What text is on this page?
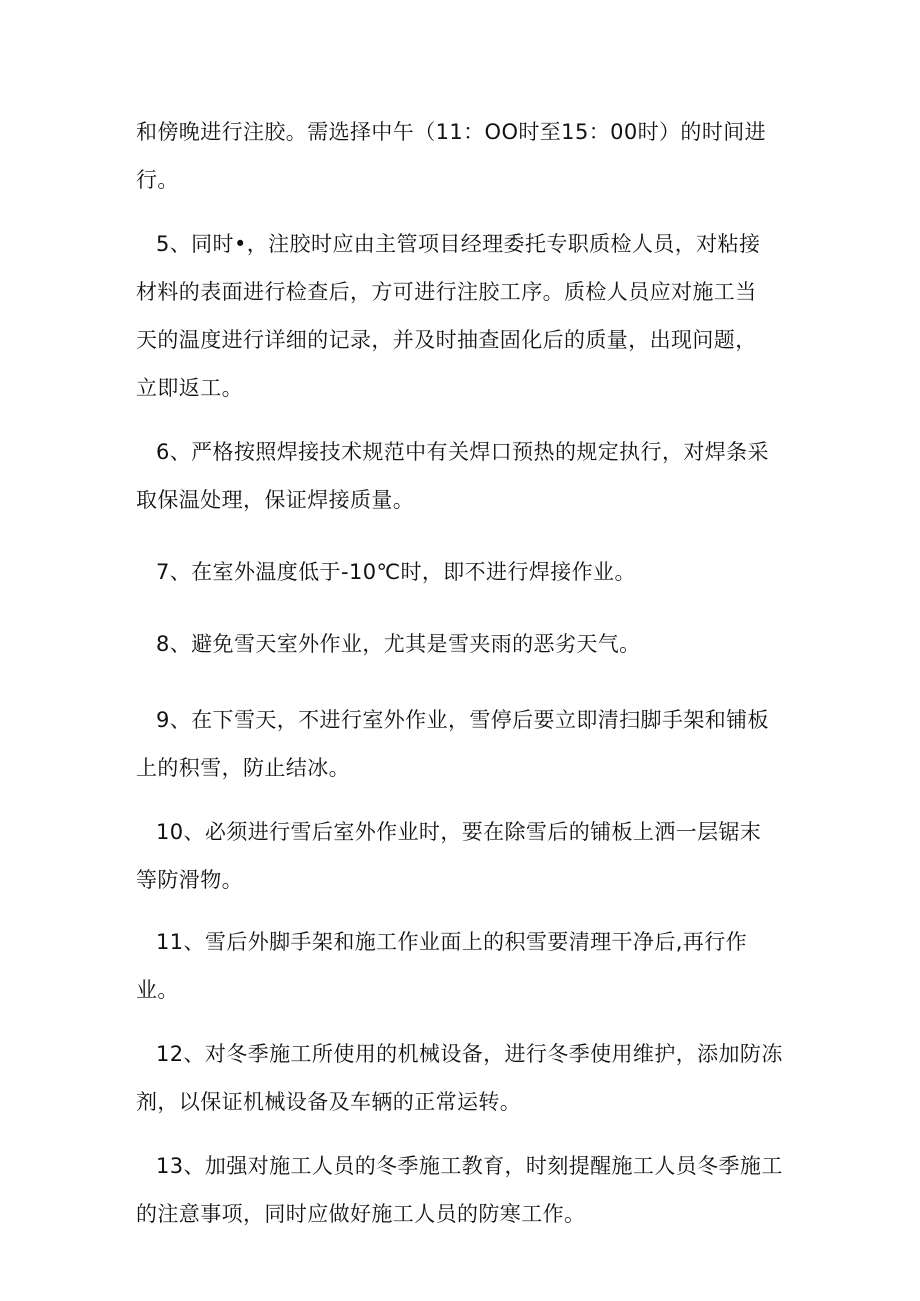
和傍晚进行注胶。需选择中午（11：OO时至15：00时）的时间进
行。
5、同时•，注胶时应由主管项目经理委托专职质检人员，对粘接
材料的表面进行检查后，方可进行注胶工序。质检人员应对施工当
天的温度进行详细的记录，并及时抽查固化后的质量，出现问题，
立即返工。
6、严格按照焊接技术规范中有关焊口预热的规定执行，对焊条采
取保温处理，保证焊接质量。
7、在室外温度低于-10℃时，即不进行焊接作业。
8、避免雪天室外作业，尤其是雪夹雨的恶劣天气。
9、在下雪天，不进行室外作业，雪停后要立即清扫脚手架和铺板
上的积雪，防止结冰。
10、必须进行雪后室外作业时，要在除雪后的铺板上洒一层锯末
等防滑物。
11、雪后外脚手架和施工作业面上的积雪要清理干净后,再行作
业。
12、对冬季施工所使用的机械设备，进行冬季使用维护，添加防冻
剂，以保证机械设备及车辆的正常运转。
13、加强对施工人员的冬季施工教育，时刻提醒施工人员冬季施工
的注意事项，同时应做好施工人员的防寒工作。
